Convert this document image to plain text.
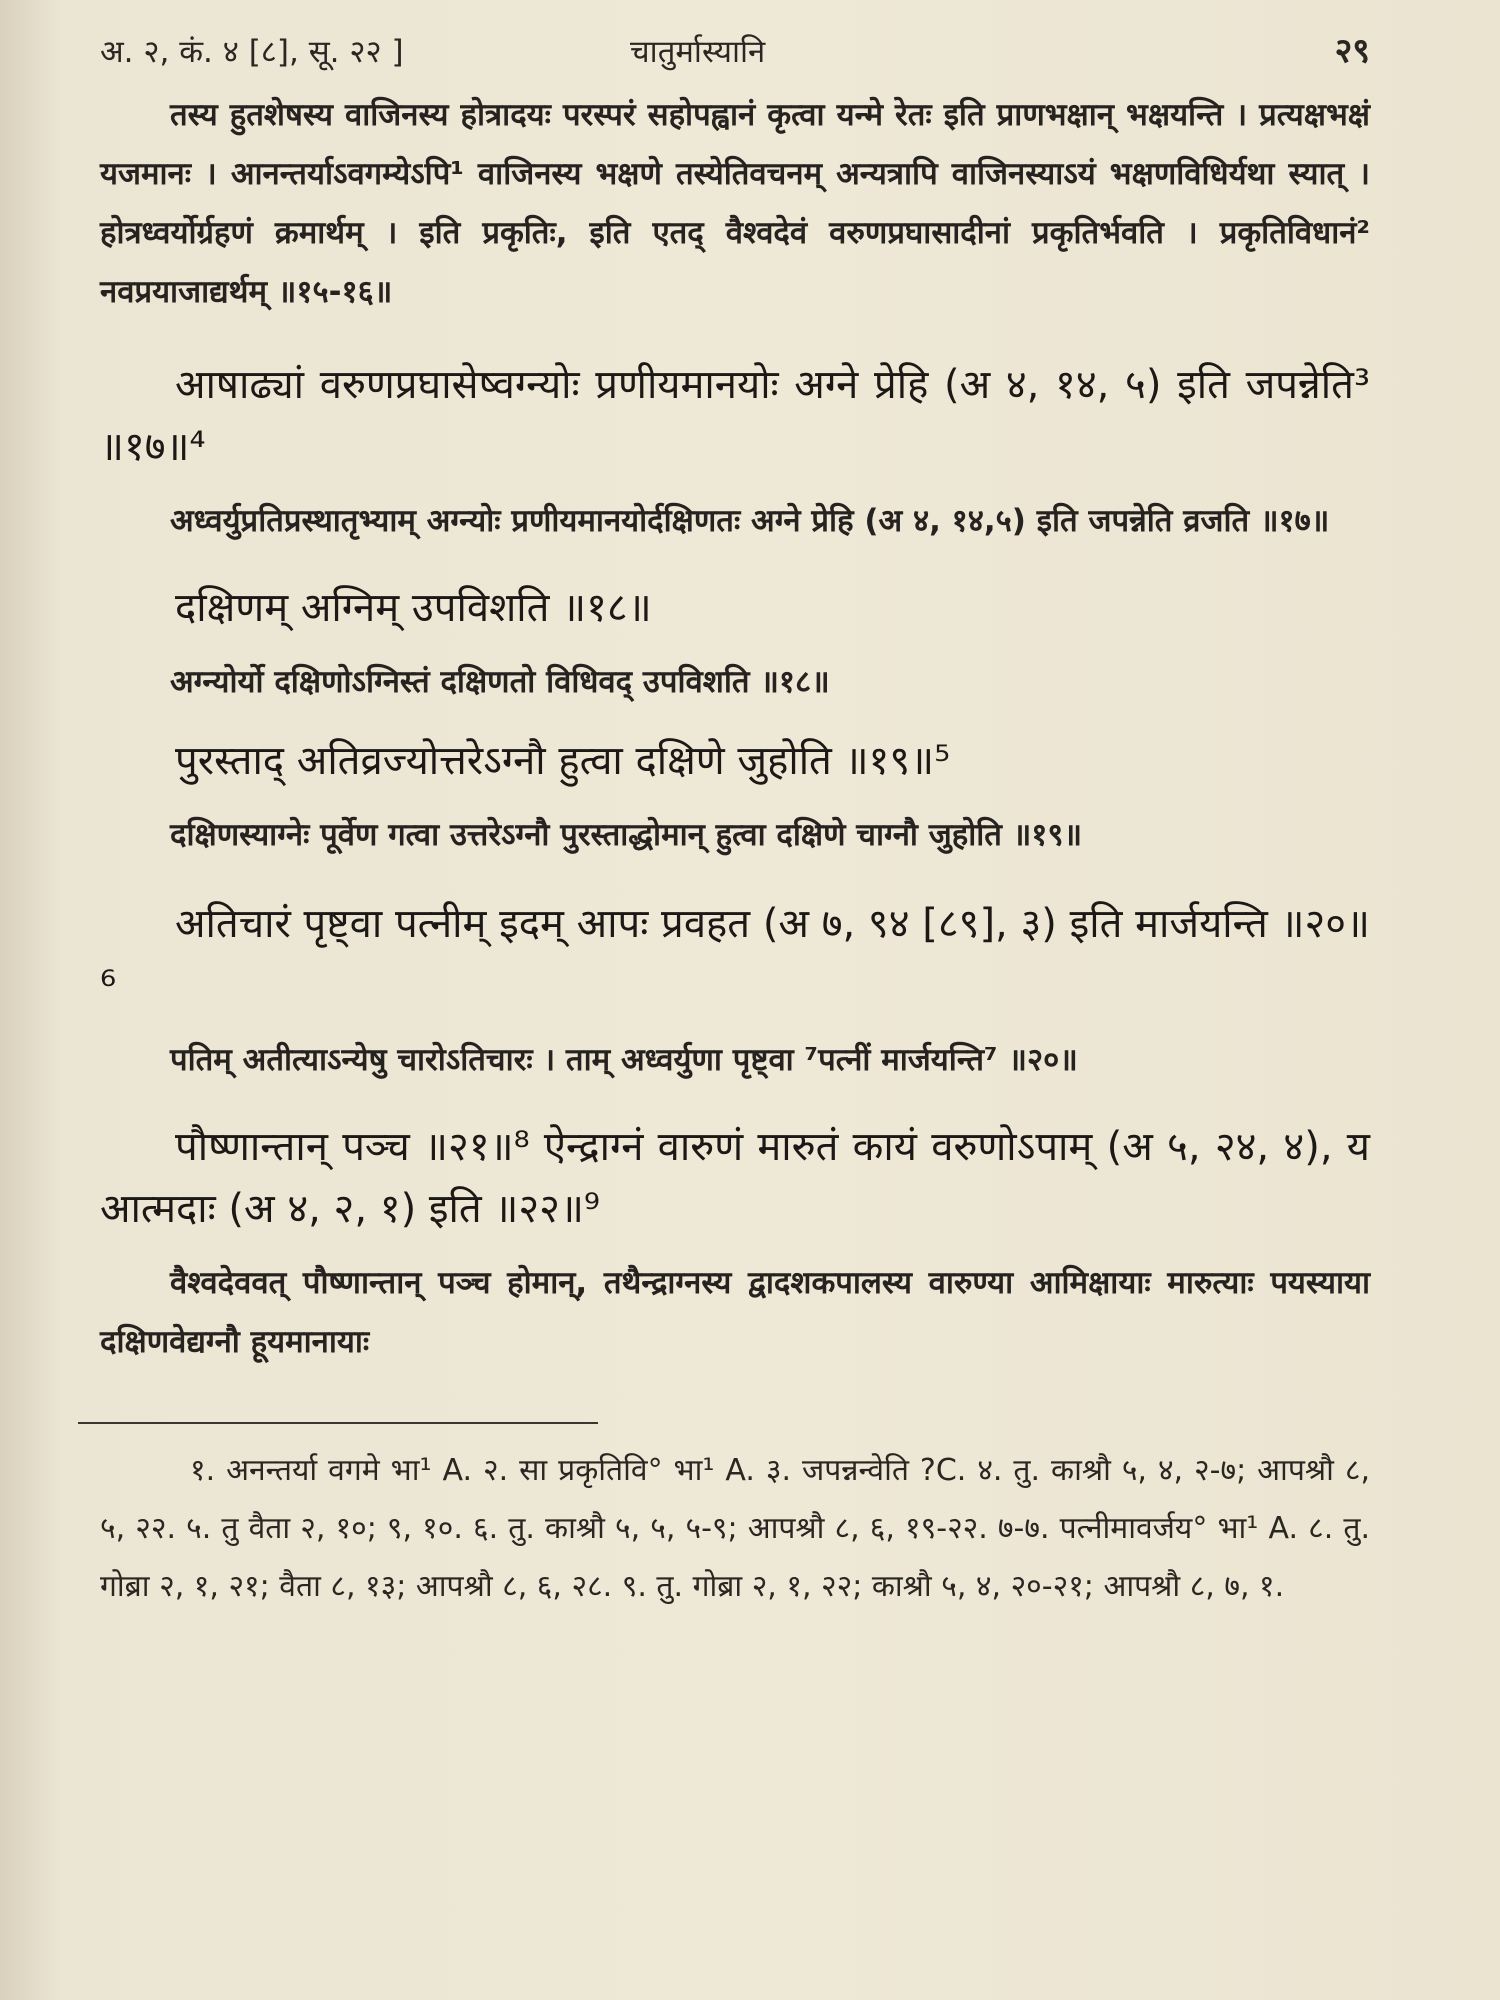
अ. २, कं. ४ [८], सू. २२ ]	चातुर्मास्यानि	२९

तस्य हुतशेषस्य वाजिनस्य होत्रादयः परस्परं सहोपह्वानं कृत्वा यन्मे रेतः इति प्राणभक्षान् भक्षयन्ति । प्रत्यक्षभक्षं यजमानः । आनन्तर्याऽवगम्येऽपि¹ वाजिनस्य भक्षणे तस्येतिवचनम् अन्यत्रापि वाजिनस्याऽयं भक्षणविधिर्यथा स्यात् । होत्रध्वर्योर्ग्रहणं क्रमार्थम् । इति प्रकृतिः, इति एतद् वैश्वदेवं वरुणप्रघासादीनां प्रकृतिर्भवति । प्रकृतिविधानं² नवप्रयाजाद्यर्थम् ॥१५-१६॥

आषाढ्यां वरुणप्रघासेष्वग्न्योः प्रणीयमानयोः अग्ने प्रेहि (अ ४, १४, ५) इति जपन्नेति³ ॥१७॥⁴

अध्वर्युप्रतिप्रस्थातृभ्याम् अग्न्योः प्रणीयमानयोर्दक्षिणतः अग्ने प्रेहि (अ ४, १४,५) इति जपन्नेति व्रजति ॥१७॥

दक्षिणम् अग्निम् उपविशति ॥१८॥

अग्न्योर्यो दक्षिणोऽग्निस्तं दक्षिणतो विधिवद् उपविशति ॥१८॥

पुरस्ताद् अतिव्रज्योत्तरेऽग्नौ हुत्वा दक्षिणे जुहोति ॥१९॥⁵

दक्षिणस्याग्नेः पूर्वेण गत्वा उत्तरेऽग्नौ पुरस्ताद्धोमान् हुत्वा दक्षिणे चाग्नौ जुहोति ॥१९॥

अतिचारं पृष्ट्वा पत्नीम् इदम् आपः प्रवहत (अ ७, ९४ [८९], ३) इति मार्जयन्ति ॥२०॥⁶

पतिम् अतीत्याऽन्येषु चारोऽतिचारः । ताम् अध्वर्युणा पृष्ट्वा ⁷पत्नीं मार्जयन्ति⁷ ॥२०॥

पौष्णान्तान् पञ्च ॥२१॥⁸ ऐन्द्राग्नं वारुणं मारुतं कायं वरुणोऽपाम् (अ ५, २४, ४), य आत्मदाः (अ ४, २, १) इति ॥२२॥⁹

वैश्वदेववत् पौष्णान्तान् पञ्च होमान्, तथैन्द्राग्नस्य द्वादशकपालस्य वारुण्या आमिक्षायाः मारुत्याः पयस्याया दक्षिणवेद्यग्नौ हूयमानायाः

१. अनन्तर्या वगमे भा¹ A. २. सा प्रकृतिवि° भा¹ A. ३. जपन्नन्वेति ?C. ४. तु. काश्रौ ५, ४, २-७; आपश्रौ ८, ५, २२. ५. तु वैता २, १०; ९, १०. ६. तु. काश्रौ ५, ५, ५-९; आपश्रौ ८, ६, १९-२२. ७-७. पत्नीमावर्जय° भा¹ A. ८. तु. गोब्रा २, १, २१; वैता ८, १३; आपश्रौ ८, ६, २८. ९. तु. गोब्रा २, १, २२; काश्रौ ५, ४, २०-२१; आपश्रौ ८, ७, १.
